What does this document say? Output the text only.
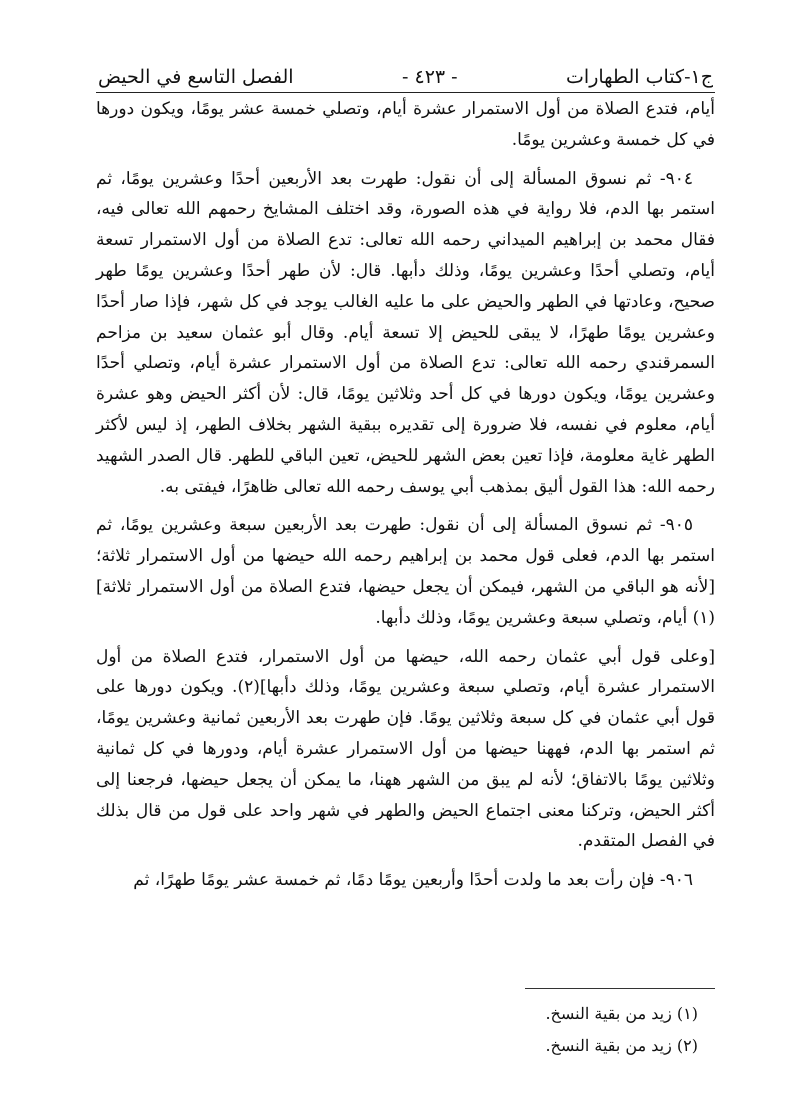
ج١-كتاب الطهارات
- ٤٢٣ -
الفصل التاسع في الحيض

أيام، فتدع الصلاة من أول الاستمرار عشرة أيام، وتصلي خمسة عشر يومًا، ويكون دورها في كل خمسة وعشرين يومًا.

٩٠٤- ثم نسوق المسألة إلى أن نقول: طهرت بعد الأربعين أحدًا وعشرين يومًا، ثم استمر بها الدم، فلا رواية في هذه الصورة، وقد اختلف المشايخ رحمهم الله تعالى فيه، فقال محمد بن إبراهيم الميداني رحمه الله تعالى: تدع الصلاة من أول الاستمرار تسعة أيام، وتصلي أحدًا وعشرين يومًا، وذلك دأبها. قال: لأن طهر أحدًا وعشرين يومًا طهر صحيح، وعادتها في الطهر والحيض على ما عليه الغالب يوجد في كل شهر، فإذا صار أحدًا وعشرين يومًا طهرًا، لا يبقى للحيض إلا تسعة أيام. وقال أبو عثمان سعيد بن مزاحم السمرقندي رحمه الله تعالى: تدع الصلاة من أول الاستمرار عشرة أيام، وتصلي أحدًا وعشرين يومًا، ويكون دورها في كل أحد وثلاثين يومًا، قال: لأن أكثر الحيض وهو عشرة أيام، معلوم في نفسه، فلا ضرورة إلى تقديره ببقية الشهر بخلاف الطهر، إذ ليس لأكثر الطهر غاية معلومة، فإذا تعين بعض الشهر للحيض، تعين الباقي للطهر. قال الصدر الشهيد رحمه الله: هذا القول أليق بمذهب أبي يوسف رحمه الله تعالى ظاهرًا، فيفتى به.

٩٠٥- ثم نسوق المسألة إلى أن نقول: طهرت بعد الأربعين سبعة وعشرين يومًا، ثم استمر بها الدم، فعلى قول محمد بن إبراهيم رحمه الله حيضها من أول الاستمرار ثلاثة؛ [لأنه هو الباقي من الشهر، فيمكن أن يجعل حيضها، فتدع الصلاة من أول الاستمرار ثلاثة](١) أيام، وتصلي سبعة وعشرين يومًا، وذلك دأبها.

[وعلى قول أبي عثمان رحمه الله، حيضها من أول الاستمرار، فتدع الصلاة من أول الاستمرار عشرة أيام، وتصلي سبعة وعشرين يومًا، وذلك دأبها](٢). ويكون دورها على قول أبي عثمان في كل سبعة وثلاثين يومًا. فإن طهرت بعد الأربعين ثمانية وعشرين يومًا، ثم استمر بها الدم، فههنا حيضها من أول الاستمرار عشرة أيام، ودورها في كل ثمانية وثلاثين يومًا بالاتفاق؛ لأنه لم يبق من الشهر ههنا، ما يمكن أن يجعل حيضها، فرجعنا إلى أكثر الحيض، وتركنا معنى اجتماع الحيض والطهر في شهر واحد على قول من قال بذلك في الفصل المتقدم.

٩٠٦- فإن رأت بعد ما ولدت أحدًا وأربعين يومًا دمًا، ثم خمسة عشر يومًا طهرًا، ثم

(١) زيد من بقية النسخ.

(٢) زيد من بقية النسخ.
